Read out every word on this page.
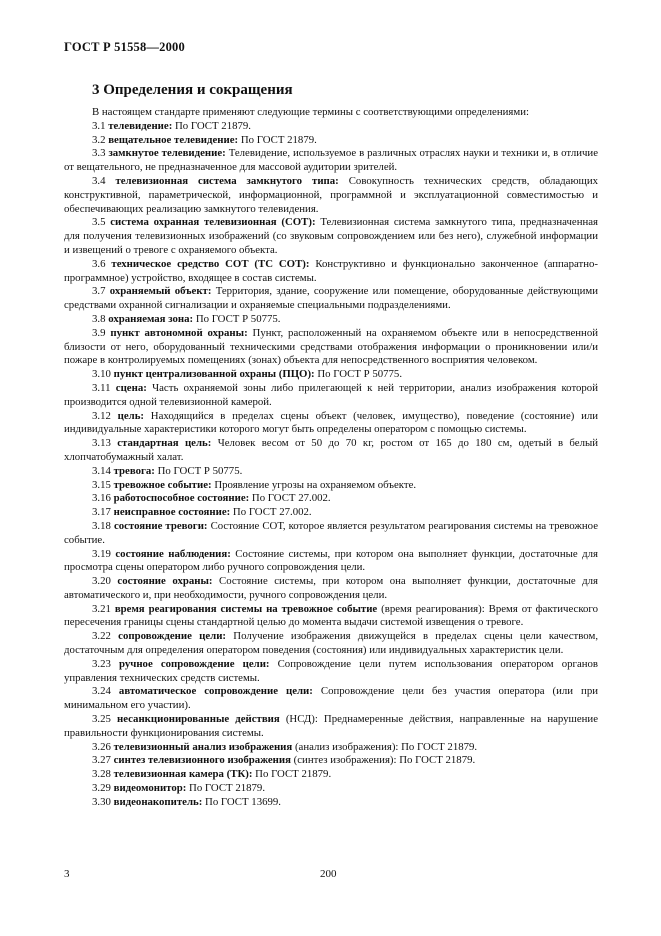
ГОСТ Р 51558—2000
3 Определения и сокращения

В настоящем стандарте применяют следующие термины с соответствующими определениями:

3.1 телевидение: По ГОСТ 21879.

3.2 вещательное телевидение: По ГОСТ 21879.

3.3 замкнутое телевидение: Телевидение, используемое в различных отраслях науки и техники и, в отличие от вещательного, не предназначенное для массовой аудитории зрителей.

3.4 телевизионная система замкнутого типа: Совокупность технических средств, обладающих конструктивной, параметрической, информационной, программной и эксплуатационной совместимостью и обеспечивающих реализацию замкнутого телевидения.

3.5 система охранная телевизионная (СОТ): Телевизионная система замкнутого типа, предназначенная для получения телевизионных изображений (со звуковым сопровождением или без него), служебной информации и извещений о тревоге с охраняемого объекта.

3.6 техническое средство СОТ (ТС СОТ): Конструктивно и функционально законченное (аппаратно-программное) устройство, входящее в состав системы.

3.7 охраняемый объект: Территория, здание, сооружение или помещение, оборудованные действующими средствами охранной сигнализации и охраняемые специальными подразделениями.

3.8 охраняемая зона: По ГОСТ Р 50775.

3.9 пункт автономной охраны: Пункт, расположенный на охраняемом объекте или в непосредственной близости от него, оборудованный техническими средствами отображения информации о проникновении или/и пожаре в контролируемых помещениях (зонах) объекта для непосредственного восприятия человеком.

3.10 пункт централизованной охраны (ПЦО): По ГОСТ Р 50775.

3.11 сцена: Часть охраняемой зоны либо прилегающей к ней территории, анализ изображения которой производится одной телевизионной камерой.

3.12 цель: Находящийся в пределах сцены объект (человек, имущество), поведение (состояние) или индивидуальные характеристики которого могут быть определены оператором с помощью системы.

3.13 стандартная цель: Человек весом от 50 до 70 кг, ростом от 165 до 180 см, одетый в белый хлопчатобумажный халат.

3.14 тревога: По ГОСТ Р 50775.

3.15 тревожное событие: Проявление угрозы на охраняемом объекте.

3.16 работоспособное состояние: По ГОСТ 27.002.

3.17 неисправное состояние: По ГОСТ 27.002.

3.18 состояние тревоги: Состояние СОТ, которое является результатом реагирования системы на тревожное событие.

3.19 состояние наблюдения: Состояние системы, при котором она выполняет функции, достаточные для просмотра сцены оператором либо ручного сопровождения цели.

3.20 состояние охраны: Состояние системы, при котором она выполняет функции, достаточные для автоматического и, при необходимости, ручного сопровождения цели.

3.21 время реагирования системы на тревожное событие (время реагирования): Время от фактического пересечения границы сцены стандартной целью до момента выдачи системой извещения о тревоге.

3.22 сопровождение цели: Получение изображения движущейся в пределах сцены цели качеством, достаточным для определения оператором поведения (состояния) или индивидуальных характеристик цели.

3.23 ручное сопровождение цели: Сопровождение цели путем использования оператором органов управления технических средств системы.

3.24 автоматическое сопровождение цели: Сопровождение цели без участия оператора (или при минимальном его участии).

3.25 несанкционированные действия (НСД): Преднамеренные действия, направленные на нарушение правильности функционирования системы.

3.26 телевизионный анализ изображения (анализ изображения): По ГОСТ 21879.

3.27 синтез телевизионного изображения (синтез изображения): По ГОСТ 21879.

3.28 телевизионная камера (ТК): По ГОСТ 21879.

3.29 видеомонитор: По ГОСТ 21879.

3.30 видеонакопитель: По ГОСТ 13699.

3	200
